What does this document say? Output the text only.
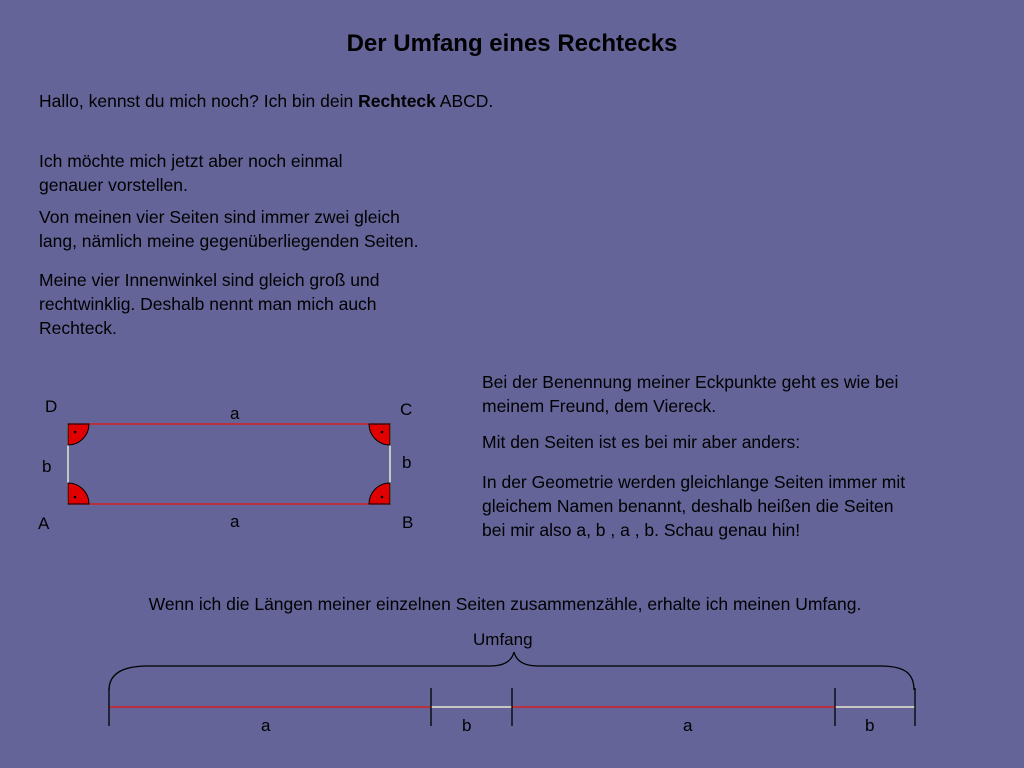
Der Umfang eines Rechtecks
Hallo, kennst du mich noch? Ich bin dein Rechteck ABCD.
Ich möchte mich jetzt aber noch einmal
genauer vorstellen.
Von meinen vier Seiten sind immer zwei gleich
lang, nämlich meine gegenüberliegenden Seiten.
Meine vier Innenwinkel sind gleich groß und
rechtwinklig. Deshalb nennt man mich auch
Rechteck.
Bei der Benennung meiner Eckpunkte geht es wie bei
meinem Freund, dem Viereck.
Mit den Seiten ist es bei mir aber anders:
In der Geometrie werden gleichlange Seiten immer mit
gleichem Namen benannt, deshalb heißen die Seiten
bei mir also a, b , a , b. Schau genau hin!
Wenn ich die Längen meiner einzelnen Seiten zusammenzähle, erhalte ich meinen Umfang.
D	C
A	B
a
a
b	b
Umfang
a	b	a	b
